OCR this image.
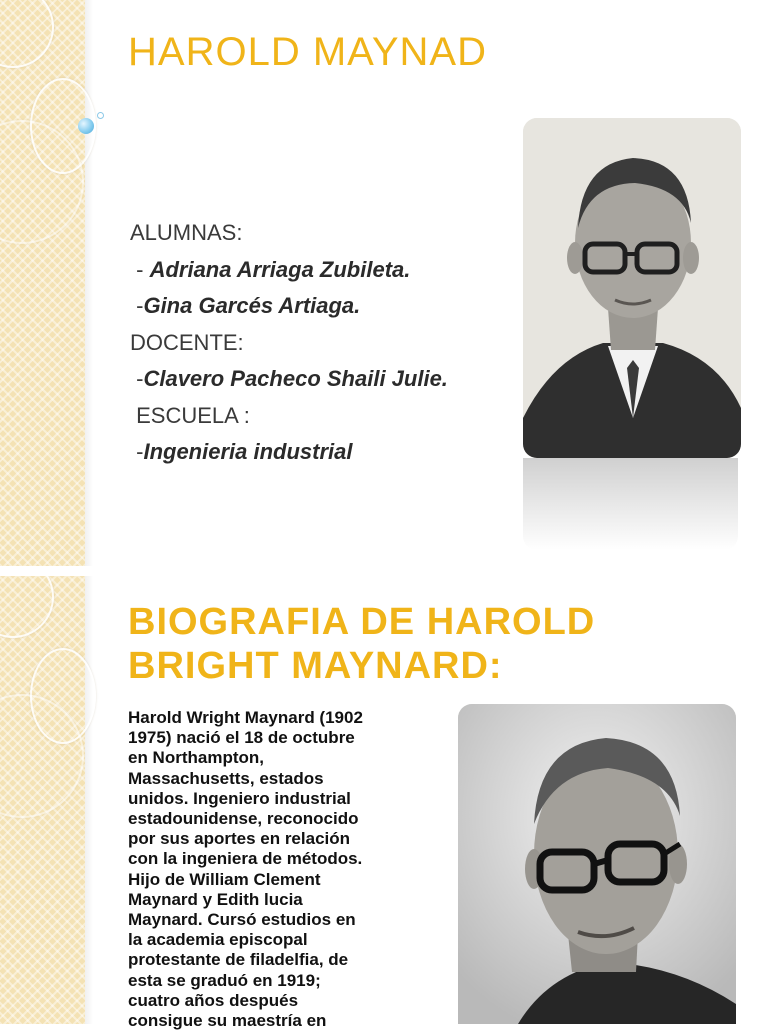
HAROLD MAYNAD
ALUMNAS:
- Adriana Arriaga Zubileta.
-Gina Garcés Artiaga.
DOCENTE:
-Clavero Pacheco Shaili Julie.
ESCUELA :
-Ingenieria industrial
BIOGRAFIA DE HAROLD
BRIGHT MAYNARD:
Harold Wright Maynard (1902
1975) nació el 18 de octubre
en Northampton,
Massachusetts, estados
unidos. Ingeniero industrial
estadounidense, reconocido
por sus aportes en relación
con la ingeniera de métodos.
Hijo de William Clement
Maynard y Edith lucia
Maynard. Cursó estudios en
la academia episcopal
protestante de filadelfia, de
esta se graduó en 1919;
cuatro años después
consigue su maestría en
